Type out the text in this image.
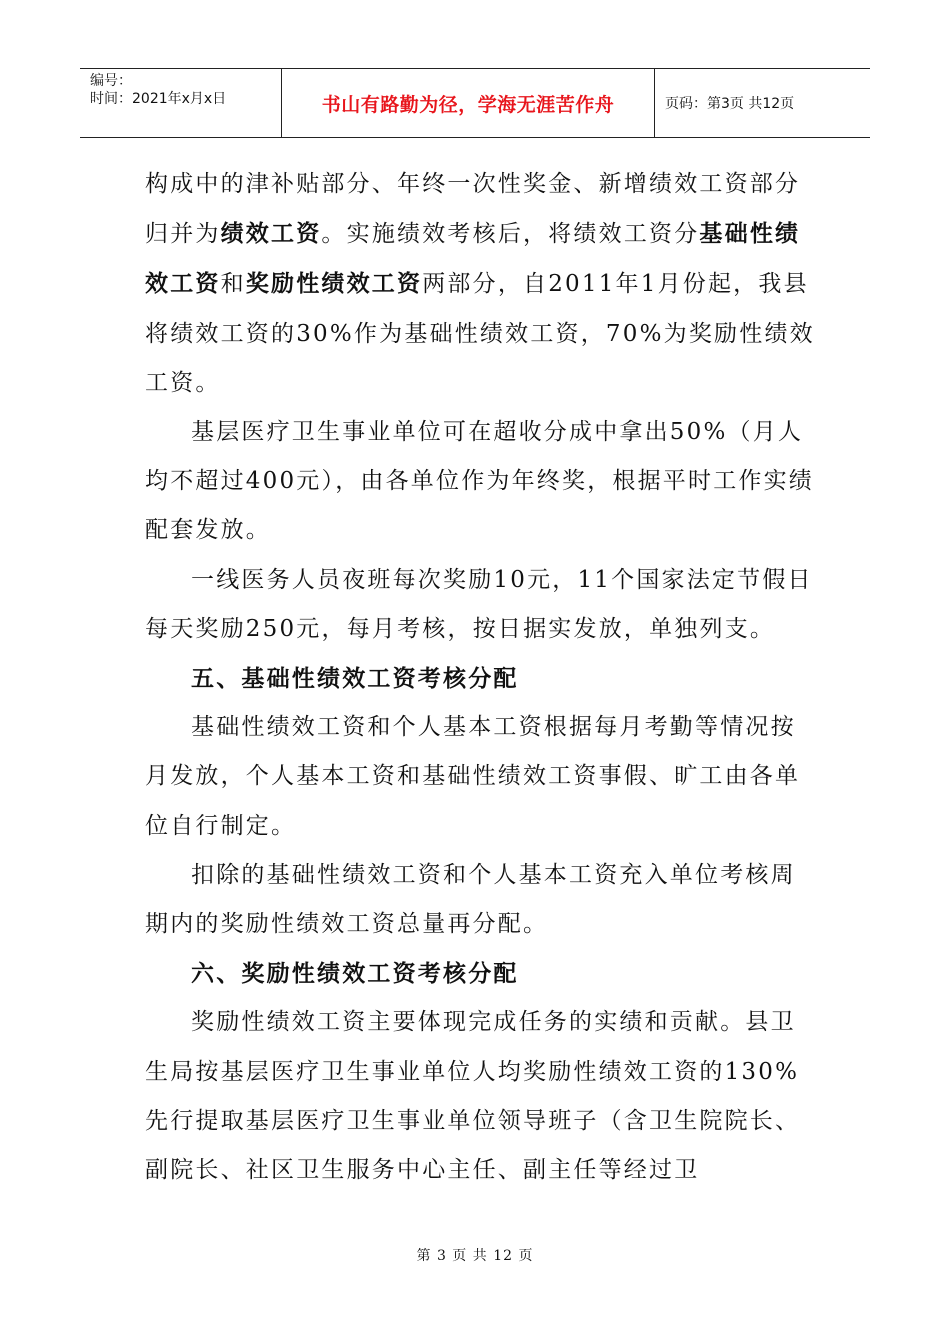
编号：
时间：2021年x月x日	书山有路勤为径，学海无涯苦作舟	页码：第3页 共12页

构成中的津补贴部分、年终一次性奖金、新增绩效工资部分归并为绩效工资。实施绩效考核后，将绩效工资分基础性绩效工资和奖励性绩效工资两部分，自2011年1月份起，我县将绩效工资的30%作为基础性绩效工资，70%为奖励性绩效工资。

基层医疗卫生事业单位可在超收分成中拿出50%（月人均不超过400元），由各单位作为年终奖，根据平时工作实绩配套发放。

一线医务人员夜班每次奖励10元，11个国家法定节假日每天奖励250元，每月考核，按日据实发放，单独列支。

五、基础性绩效工资考核分配

基础性绩效工资和个人基本工资根据每月考勤等情况按月发放，个人基本工资和基础性绩效工资事假、旷工由各单位自行制定。

扣除的基础性绩效工资和个人基本工资充入单位考核周期内的奖励性绩效工资总量再分配。

六、奖励性绩效工资考核分配

奖励性绩效工资主要体现完成任务的实绩和贡献。县卫生局按基层医疗卫生事业单位人均奖励性绩效工资的130%先行提取基层医疗卫生事业单位领导班子（含卫生院院长、副院长、社区卫生服务中心主任、副主任等经过卫

第 3 页 共 12 页
